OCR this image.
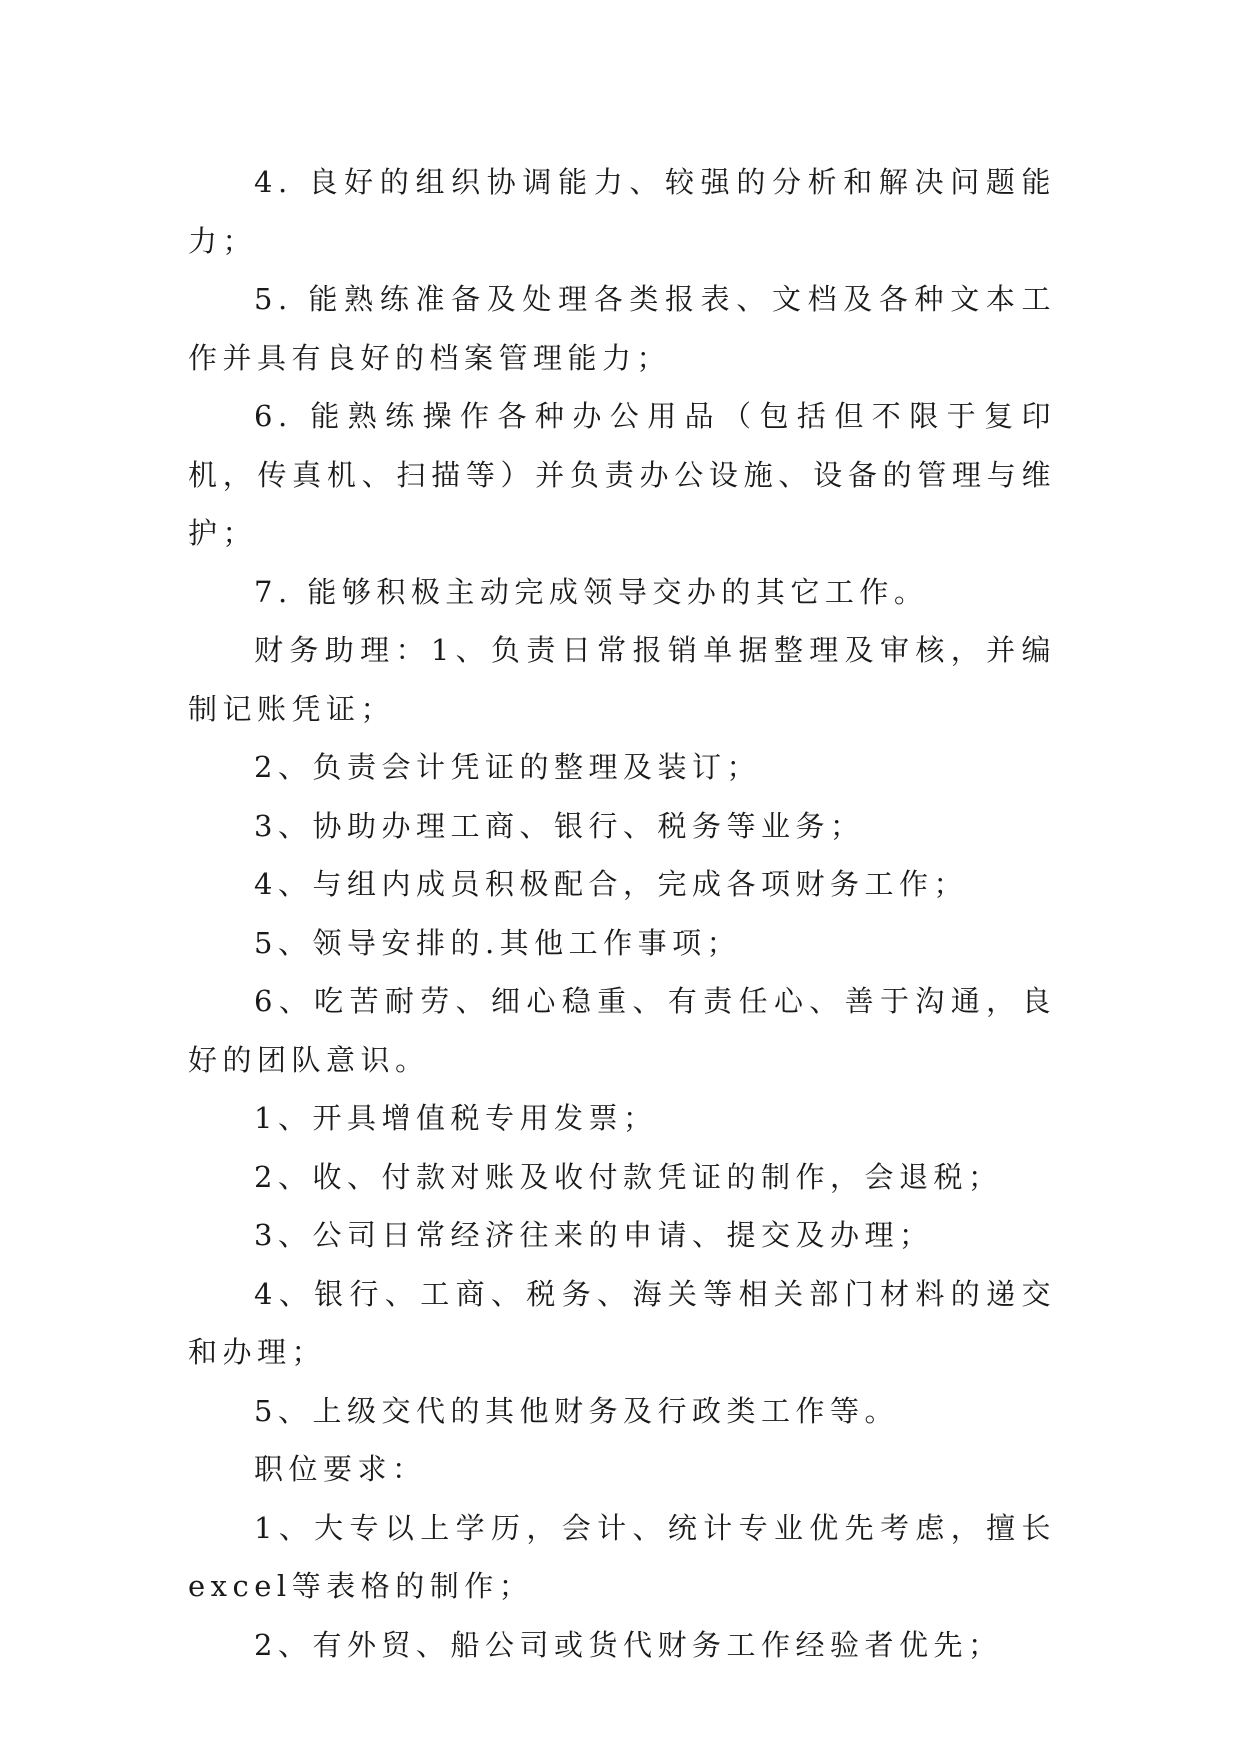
4. 良好的组织协调能力、较强的分析和解决问题能力；

5. 能熟练准备及处理各类报表、文档及各种文本工作并具有良好的档案管理能力；

6. 能熟练操作各种办公用品（包括但不限于复印机，传真机、扫描等）并负责办公设施、设备的管理与维护；

7. 能够积极主动完成领导交办的其它工作。

财务助理：1、负责日常报销单据整理及审核，并编制记账凭证；

2、负责会计凭证的整理及装订；

3、协助办理工商、银行、税务等业务；

4、与组内成员积极配合，完成各项财务工作；

5、领导安排的.其他工作事项；

6、吃苦耐劳、细心稳重、有责任心、善于沟通，良好的团队意识。

1、开具增值税专用发票；

2、收、付款对账及收付款凭证的制作，会退税；

3、公司日常经济往来的申请、提交及办理；

4、银行、工商、税务、海关等相关部门材料的递交和办理；

5、上级交代的其他财务及行政类工作等。

职位要求：

1、大专以上学历，会计、统计专业优先考虑，擅长excel等表格的制作；

2、有外贸、船公司或货代财务工作经验者优先；
